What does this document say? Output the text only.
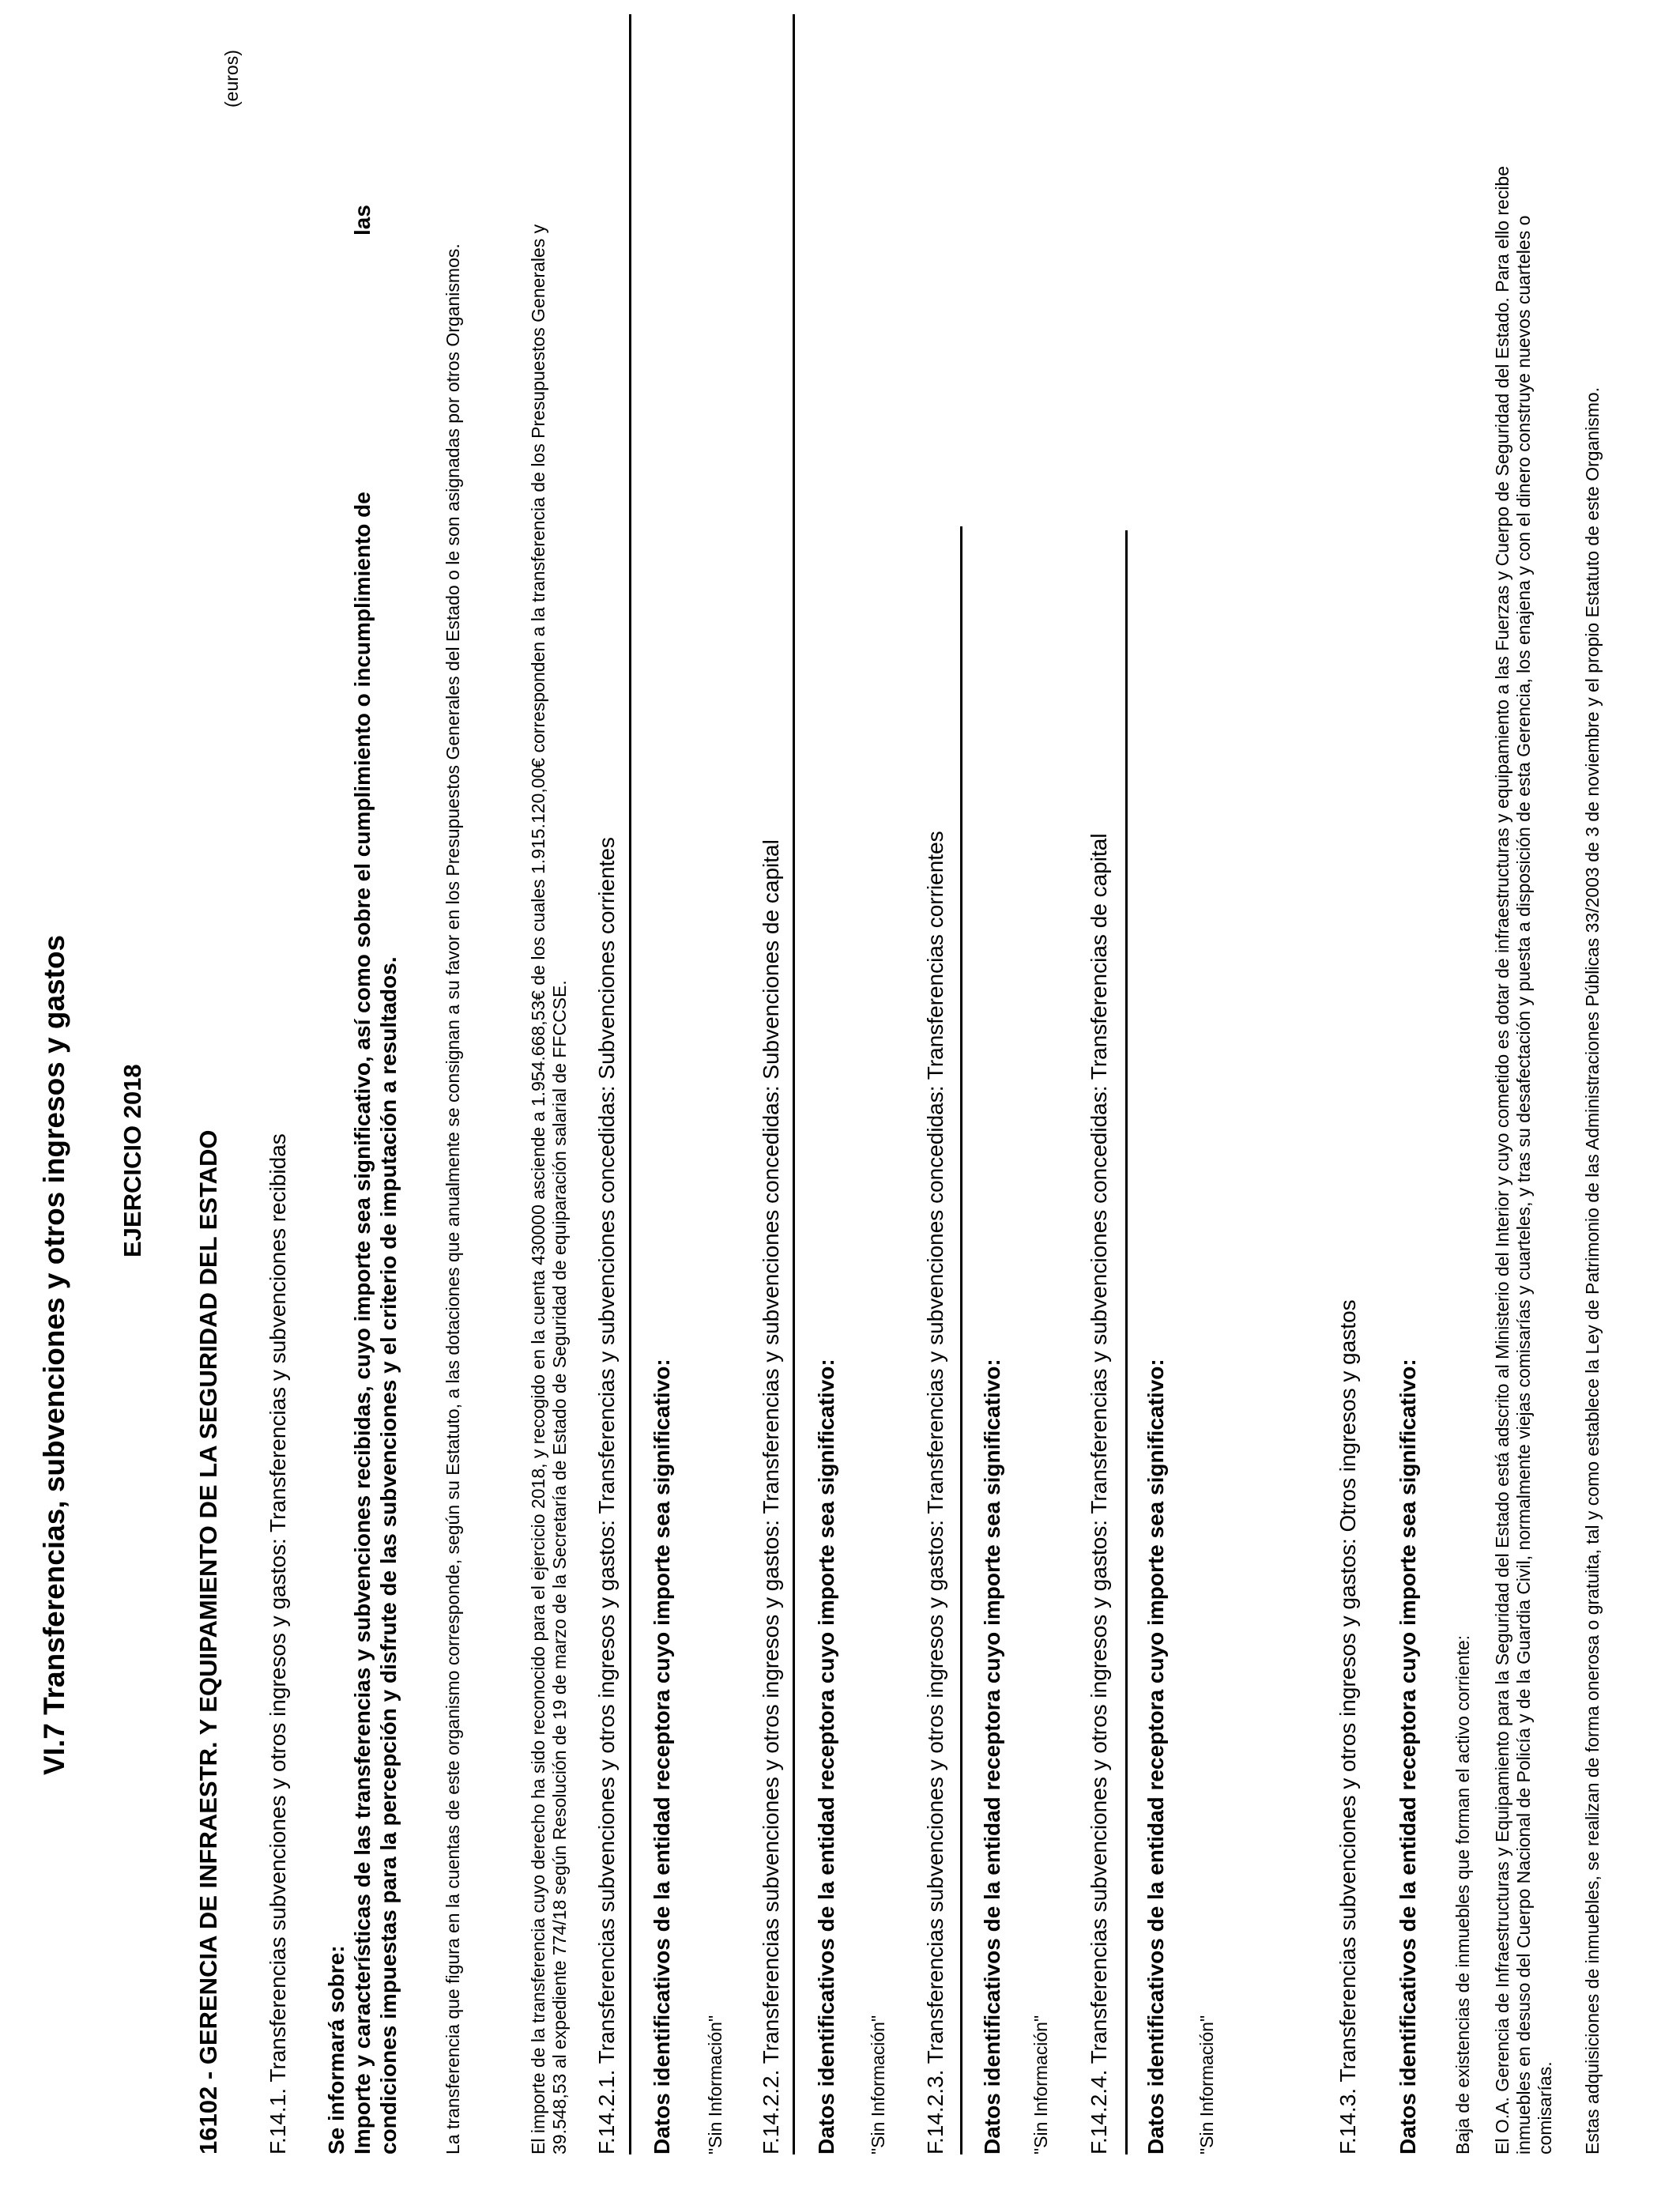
VI.7 Transferencias, subvenciones y otros ingresos y gastos
(euros)
EJERCICIO 2018 16102 - GERENCIA DE INFRAESTR. Y EQUIPAMIENTO DE LA SEGURIDAD DEL ESTADO F.14.1. Transferencias subvenciones y otros ingresos y gastos: Transferencias y subvenciones recibidas Se informará sobre: Importe y características de las transferencias y subvenciones recibidas, cuyo importe sea significativo, así como sobre el cumplimiento o incumplimiento de
las
condiciones impuestas para la percepción y disfrute de las subvenciones y el criterio de imputación a resultados. La transferencia que figura en la cuentas de este organismo corresponde, según su Estatuto, a las dotaciones que anualmente se consignan a su favor en los Presupuestos Generales del Estado o le son asignadas por otros Organismos.	El importe de la transferencia cuyo derecho ha sido reconocido para el ejercicio 2018, y recogido en la cuenta 430000 asciende a 1.954.668,53€ de los cuales 1.915.120,00€ corresponden a la transferencia de los Presupuestos Generales y 39.548,53 al expediente 774/18 según Resolución de 19 de marzo de la Secretaría de Estado de Seguridad de equiparación salarial de FFCCSE. F.14.2.1. Transferencias subvenciones y otros ingresos y gastos: Transferencias y subvenciones concedidas: Subvenciones corrientes Datos identificativos de la entidad receptora cuyo importe sea significativo: "Sin Información" F.14.2.2. Transferencias subvenciones y otros ingresos y gastos: Transferencias y subvenciones concedidas: Subvenciones de capital Datos identificativos de la entidad receptora cuyo importe sea significativo: "Sin Información" F.14.2.3. Transferencias subvenciones y otros ingresos y gastos: Transferencias y subvenciones concedidas: Transferencias corrientes Datos identificativos de la entidad receptora cuyo importe sea significativo: "Sin Información" F.14.2.4. Transferencias subvenciones y otros ingresos y gastos: Transferencias y subvenciones concedidas: Transferencias de capital Datos identificativos de la entidad receptora cuyo importe sea significativo: "Sin Información"	F.14.3. Transferencias subvenciones y otros ingresos y gastos: Otros ingresos y gastos Datos identificativos de la entidad receptora cuyo importe sea significativo: Baja de existencias de inmuebles que forman el activo corriente: El O.A. Gerencia de Infraestructuras y Equipamiento para la Seguridad del Estado está adscrito al Ministerio del Interior y cuyo cometido es dotar de infraestructuras y equipamiento a las Fuerzas y Cuerpo de Seguridad del Estado. Para ello recibe inmuebles en desuso del Cuerpo Nacional de Policía y de la Guardia Civil, normalmente viejas comisarías y cuarteles, y tras su desafectación y puesta a disposición de esta Gerencia, los enajena y con el dinero construye nuevos cuarteles o comisarías. Estas adquisiciones de inmuebles, se realizan de forma onerosa o gratuita, tal y como establece la Ley de Patrimonio de las Administraciones Públicas 33/2003 de 3 de noviembre y el propio Estatuto de este Organismo.
